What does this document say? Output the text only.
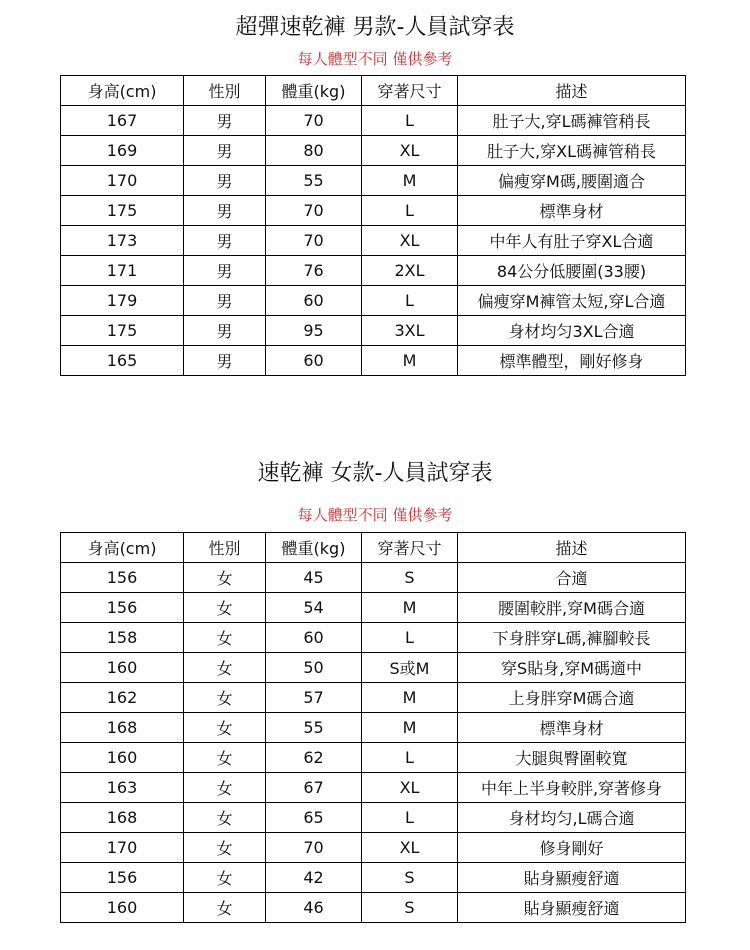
超彈速乾褲 男款-人員試穿表
每人體型不同 僅供參考
身高(cm)	性別	體重(kg)	穿著尺寸	描述
167	男	70	L	肚子大,穿L碼褲管稍長
169	男	80	XL	肚子大,穿XL碼褲管稍長
170	男	55	M	偏瘦穿M碼,腰圍適合
175	男	70	L	標準身材
173	男	70	XL	中年人有肚子穿XL合適
171	男	76	2XL	84公分低腰圍(33腰)
179	男	60	L	偏瘦穿M褲管太短,穿L合適
175	男	95	3XL	身材均匀3XL合適
165	男	60	M	標準體型，剛好修身
速乾褲 女款-人員試穿表
每人體型不同 僅供參考
身高(cm)	性別	體重(kg)	穿著尺寸	描述
156	女	45	S	合適
156	女	54	M	腰圍較胖,穿M碼合適
158	女	60	L	下身胖穿L碼,褲腳較長
160	女	50	S或M	穿S貼身,穿M碼適中
162	女	57	M	上身胖穿M碼合適
168	女	55	M	標準身材
160	女	62	L	大腿與臀圍較寬
163	女	67	XL	中年上半身較胖,穿著修身
168	女	65	L	身材均匀,L碼合適
170	女	70	XL	修身剛好
156	女	42	S	貼身顯瘦舒適
160	女	46	S	貼身顯瘦舒適
